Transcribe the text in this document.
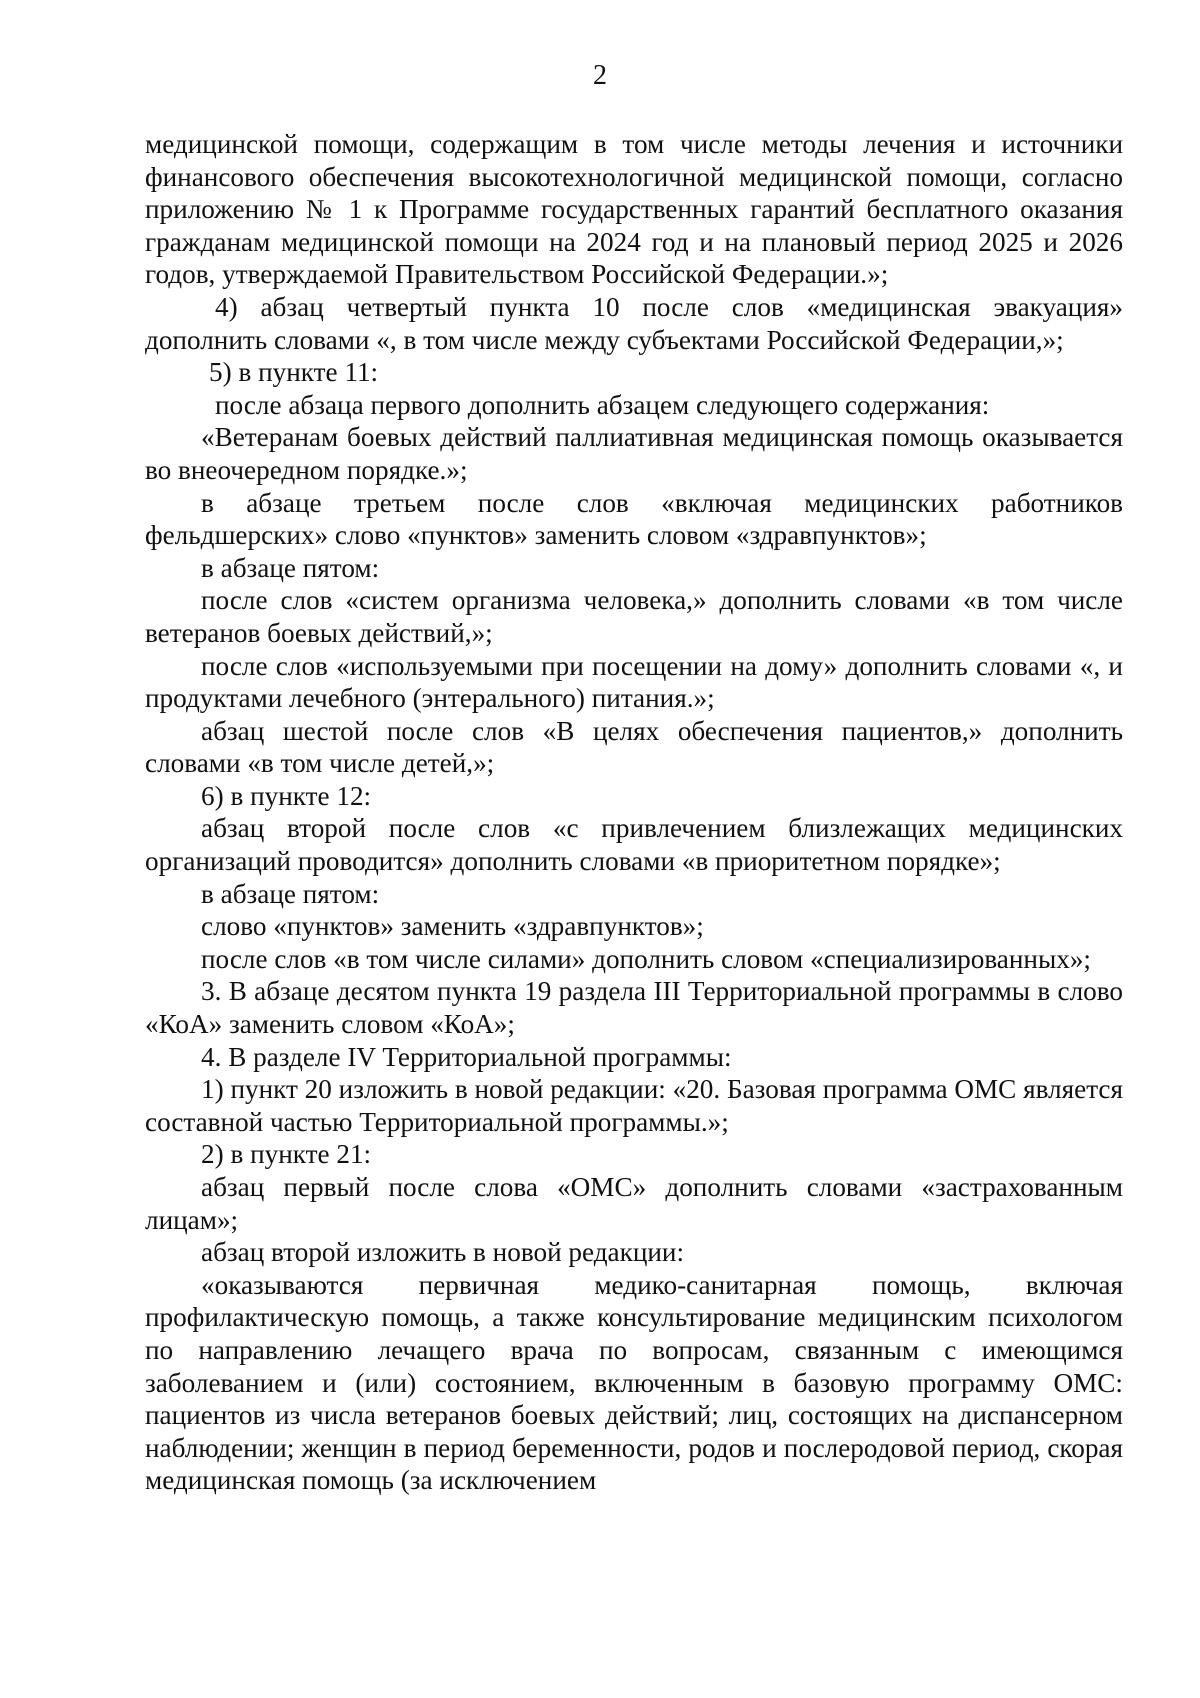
2

медицинской помощи, содержащим в том числе методы лечения и источники финансового обеспечения высокотехнологичной медицинской помощи, согласно приложению № 1 к Программе государственных гарантий бесплатного оказания гражданам медицинской помощи на 2024 год и на плановый период 2025 и 2026 годов, утверждаемой Правительством Российской Федерации.»;

4) абзац четвертый пункта 10 после слов «медицинская эвакуация» дополнить словами «, в том числе между субъектами Российской Федерации,»;

5) в пункте 11:

после абзаца первого дополнить абзацем следующего содержания:

«Ветеранам боевых действий паллиативная медицинская помощь оказывается во внеочередном порядке.»;

в абзаце третьем после слов «включая медицинских работников фельдшерских» слово «пунктов» заменить словом «здравпунктов»;

в абзаце пятом:

после слов «систем организма человека,» дополнить словами «в том числе ветеранов боевых действий,»;

после слов «используемыми при посещении на дому» дополнить словами «, и продуктами лечебного (энтерального) питания.»;

абзац шестой после слов «В целях обеспечения пациентов,» дополнить словами «в том числе детей,»;

6) в пункте 12:

абзац второй после слов «с привлечением близлежащих медицинских организаций проводится» дополнить словами «в приоритетном порядке»;

в абзаце пятом:

слово «пунктов» заменить «здравпунктов»;

после слов «в том числе силами» дополнить словом «специализированных»;

3. В абзаце десятом пункта 19 раздела III Территориальной программы в слово «КоА» заменить словом «КоА»;

4. В разделе IV Территориальной программы:

1) пункт 20 изложить в новой редакции: «20. Базовая программа ОМС является составной частью Территориальной программы.»;

2) в пункте 21:

абзац первый после слова «ОМС» дополнить словами «застрахованным лицам»;

абзац второй изложить в новой редакции:

«оказываются первичная медико-санитарная помощь, включая профилактическую помощь, а также консультирование медицинским психологом по направлению лечащего врача по вопросам, связанным с имеющимся заболеванием и (или) состоянием, включенным в базовую программу ОМС: пациентов из числа ветеранов боевых действий; лиц, состоящих на диспансерном наблюдении; женщин в период беременности, родов и послеродовой период, скорая медицинская помощь (за исключением
